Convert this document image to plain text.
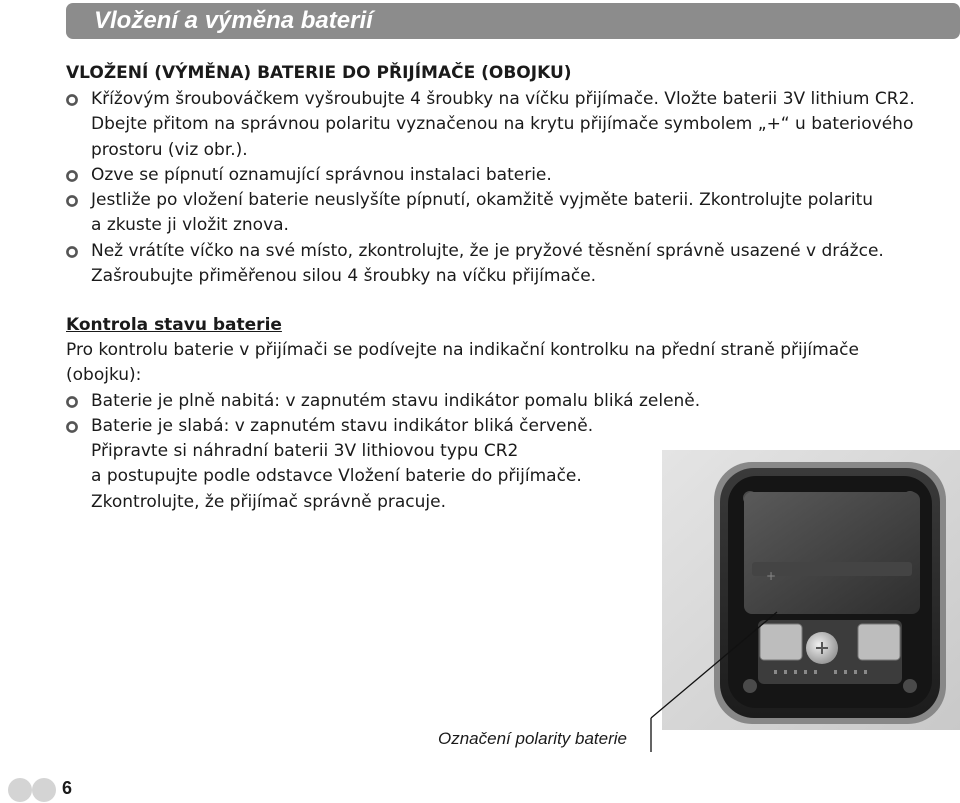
Vložení a výměna baterií
VLOŽENÍ (VÝMĚNA) BATERIE DO PŘIJÍMAČE (OBOJKU)
Křížovým šroubováčkem vyšroubujte 4 šroubky na víčku přijímače. Vložte baterii 3V lithium CR2.
Dbejte přitom na správnou polaritu vyznačenou na krytu přijímače symbolem „+“ u bateriového
prostoru (viz obr.).
Ozve se pípnutí oznamující správnou instalaci baterie.
Jestliže po vložení baterie neuslyšíte pípnutí, okamžitě vyjměte baterii. Zkontrolujte polaritu
a zkuste ji vložit znova.
Než vrátíte víčko na své místo, zkontrolujte, že je pryžové těsnění správně usazené v drážce.
Zašroubujte přiměřenou silou 4 šroubky na víčku přijímače.
Kontrola stavu baterie
Pro kontrolu baterie v přijímači se podívejte na indikační kontrolku na přední straně přijímače
(obojku):
Baterie je plně nabitá: v zapnutém stavu indikátor pomalu bliká zeleně.
Baterie je slabá: v zapnutém stavu indikátor bliká červeně.
Připravte si náhradní baterii 3V lithiovou typu CR2
a postupujte podle odstavce Vložení baterie do přijímače.
Zkontrolujte, že přijímač správně pracuje.
+
Označení polarity baterie
6
